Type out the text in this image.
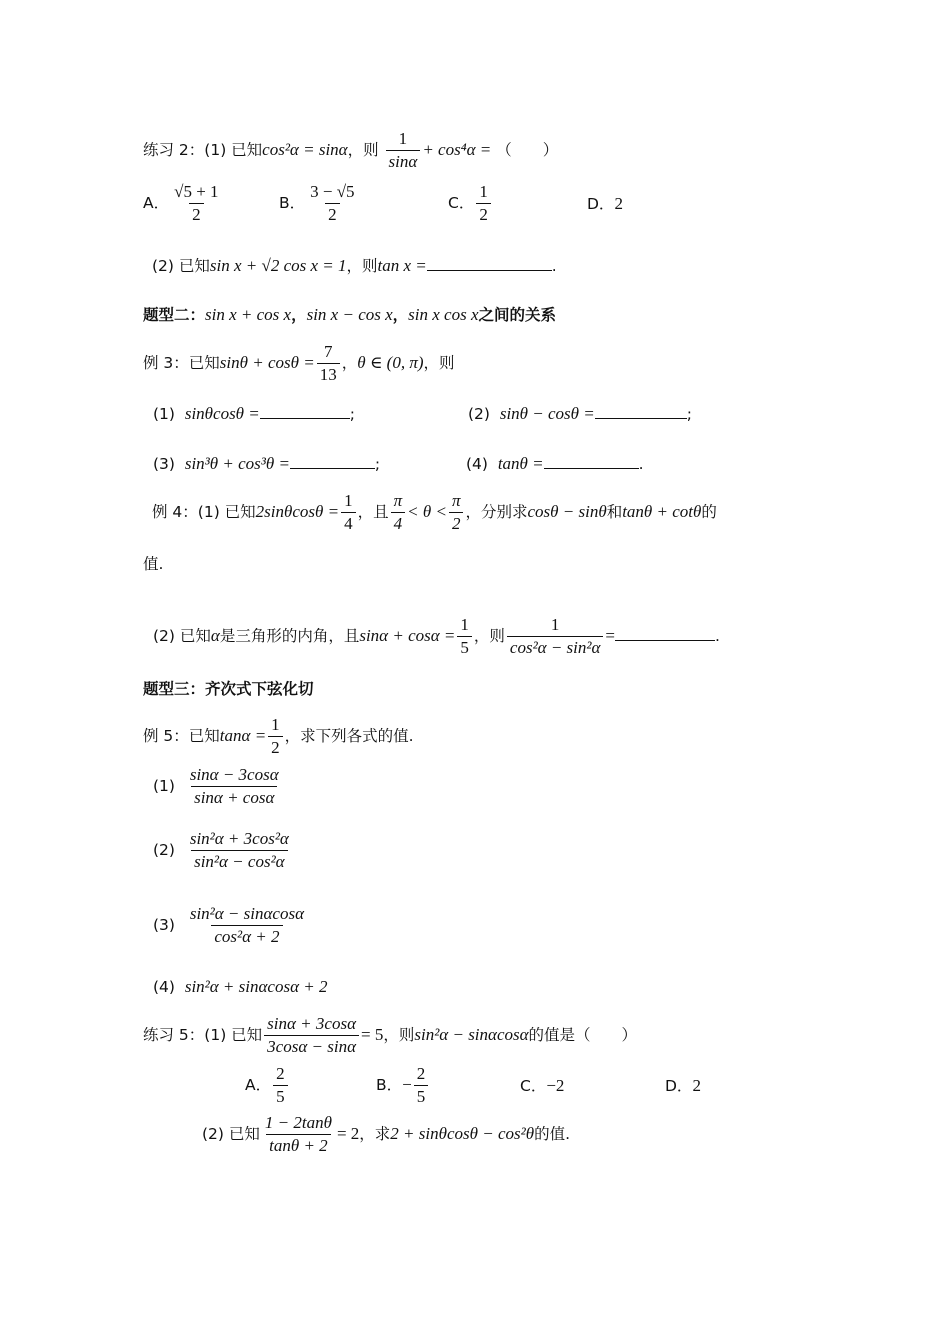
练习 2：(1) 已知cos²α = sinα，则 $\frac{1}{\sin\alpha} + \cos^4\alpha$ = （　　）
A． $\frac{√5 + 1}{2}$	B． $\frac{3 - √5}{2}$	C． $\frac{1}{2}$	D．2
(2) 已知sin x + √2 cos x = 1，则tan x =	.
题型二：sin x + cos x，sin x − cos x，sin x cos x之间的关系
例 3：已知$\sin\theta + \cos\theta = \frac{7}{13}$ ，θ ∈ (0, π)，则
(1) sinθcosθ =	;	(2) sinθ − cosθ =	;
(3) sin³θ + cos³θ =	;	(4) tanθ =	.
例 4：(1) 已知$2\sin\theta\cos\theta = \frac{1}{4}$ ，且 $\frac{\pi}{4} < \theta < \frac{\pi}{2}$ ，分别求cosθ − sinθ和tanθ + cotθ的
值.
(2) 已知α是三角形的内角，且$\sin\alpha + \cos\alpha = \frac{1}{5}$ ，则 $\frac{1}{\text{cos²α − sin²α}}$ =	.
题型三：齐次式下弦化切
例 5：已知$\tan\alpha = \frac{1}{2}$ ，求下列各式的值.
$(1) \frac{\sin\alpha - 3\cos\alpha}{\sin\alpha + \cos\alpha}$
$(2) \frac{\text{sin²α + 3cos²α}}{\text{sin²α − cos²α}}$
$(3) \frac{\text{sin²α − sinαcosα}}{\text{cos²α + 2}}$
(4) sin²α + sinαcosα + 2
练习 5：(1) 已知 $\frac{\sin\alpha + 3\cos\alpha}{3\cos\alpha - \sin\alpha} = 5$，则sin²α − sinαcosα的值是（　　）
A． $\frac{2}{5}$	B．− $\frac{2}{5}$	C．−2	D．2
(2) 已知 $\frac{1 - 2\tan\theta}{\tan\theta + 2} = 2$，求2 + sinθcosθ − cos²θ的值.
